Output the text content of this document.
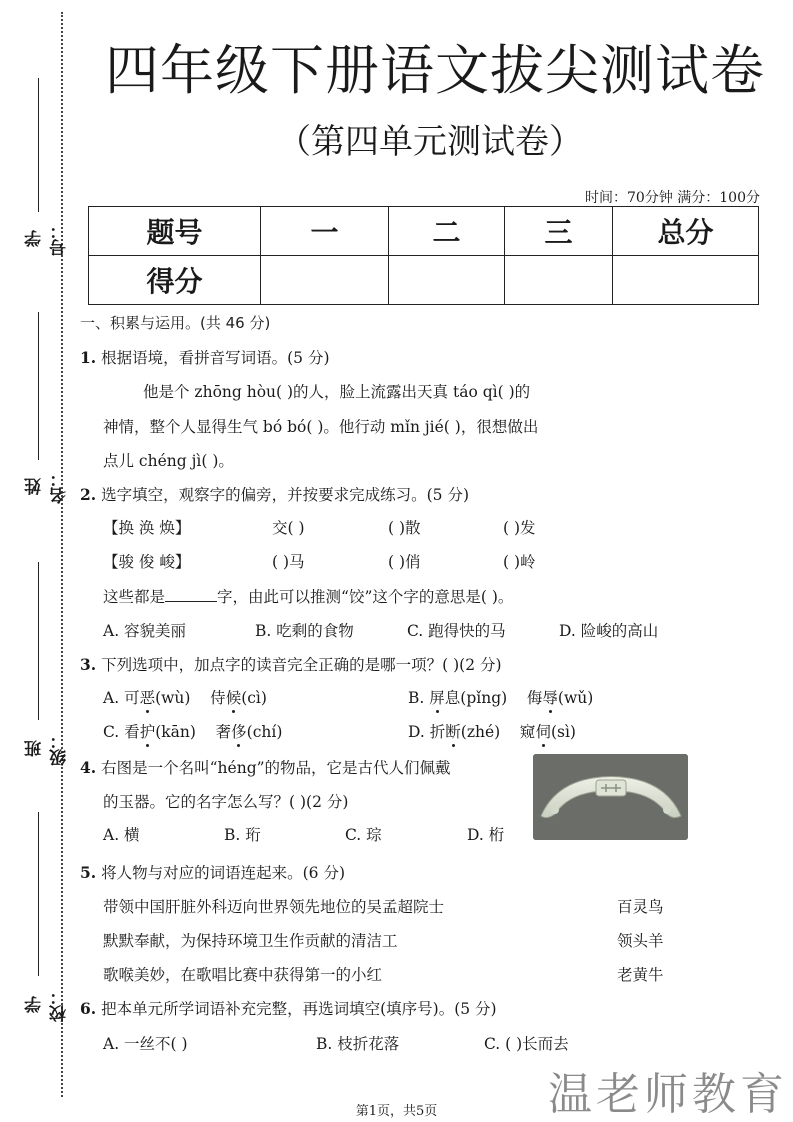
学号：
姓名：
班级：
学校：
四年级下册语文拔尖测试卷
（第四单元测试卷）
时间：70分钟 满分：100分
题号	一	二	三	总分
得分				
一、积累与运用。(共 46 分)
1. 根据语境，看拼音写词语。(5 分)
他是个 zhōng hòu( )的人，脸上流露出天真 táo qì( )的
神情，整个人显得生气 bó bó( )。他行动 mǐn jié( )，很想做出
点儿 chéng jì( )。
2. 选字填空，观察字的偏旁，并按要求完成练习。(5 分)
【换 涣 焕】	交( )	( )散	( )发
【骏 俊 峻】	( )马	( )俏	( )岭
这些都是	字，由此可以推测“饺”这个字的意思是( )。
A. 容貌美丽	B. 吃剩的食物	C. 跑得快的马	D. 险峻的高山
3. 下列选项中，加点字的读音完全正确的是哪一项？( )(2 分)
A. 可恶(wù) 侍候(cì)	B. 屏息(pǐng) 侮辱(wǔ)
C. 看护(kān) 奢侈(chí)	D. 折断(zhé) 窥伺(sì)
4. 右图是一个名叫“héng”的物品，它是古代人们佩戴
的玉器。它的名字怎么写？( )(2 分)
A. 横	B. 珩	C. 琮	D. 桁
5. 将人物与对应的词语连起来。(6 分)
带领中国肝脏外科迈向世界领先地位的吴孟超院士
默默奉献，为保持环境卫生作贡献的清洁工
歌喉美妙，在歌唱比赛中获得第一的小红
百灵鸟
领头羊
老黄牛
6. 把本单元所学词语补充完整，再选词填空(填序号)。(5 分)
A. 一丝不( )	B. 枝折花落	C. ( )长而去
温老师教育
第1页，共5页
